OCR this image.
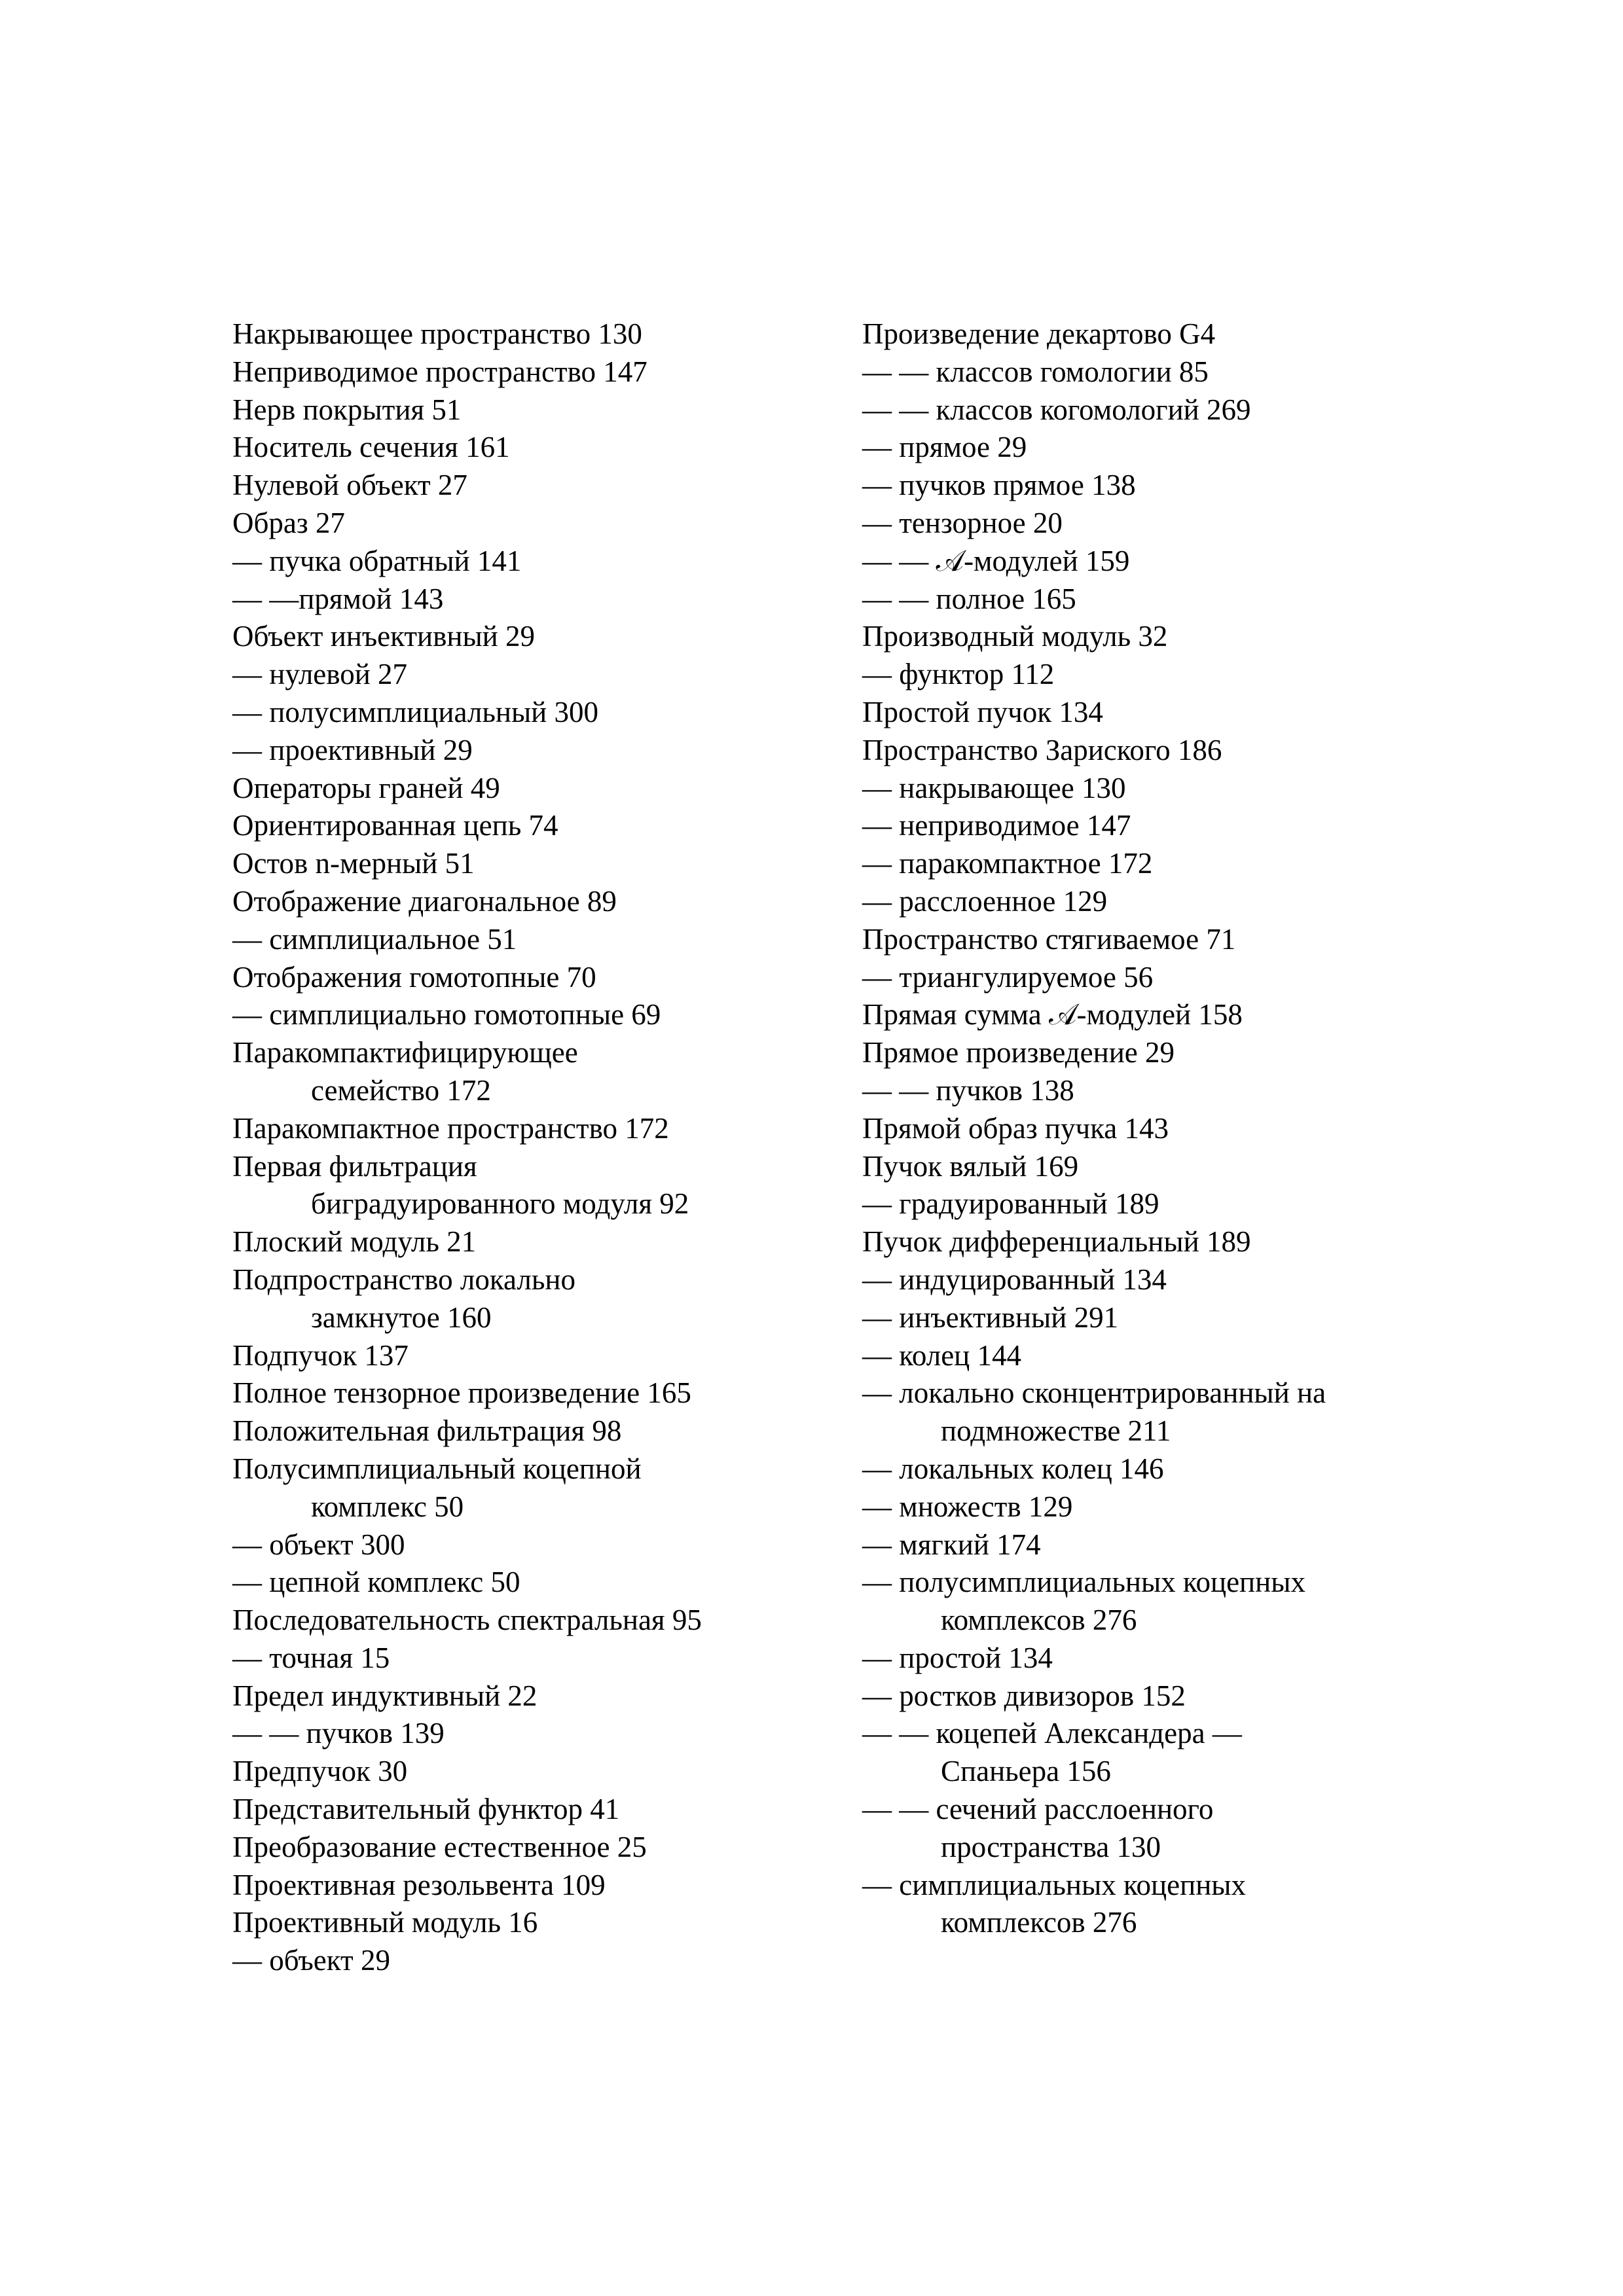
Накрывающее пространство 130
Неприводимое пространство 147
Нерв покрытия 51
Носитель сечения 161
Нулевой объект 27
Образ 27
— пучка обратный 141
— —прямой 143
Объект инъективный 29
— нулевой 27
— полусимплициальный 300
— проективный 29
Операторы граней 49
Ориентированная цепь 74
Остов n-мерный 51
Отображение диагональное 89
— симплициальное 51
Отображения гомотопные 70
— симплициально гомотопные 69
Паракомпактифицирующее
семейство 172
Паракомпактное пространство 172
Первая фильтрация
биградуированного модуля 92
Плоский модуль 21
Подпространство локально
замкнутое 160
Подпучок 137
Полное тензорное произведение 165
Положительная фильтрация 98
Полусимплициальный коцепной
комплекс 50
— объект 300
— цепной комплекс 50
Последовательность спектральная 95
— точная 15
Предел индуктивный 22
— — пучков 139
Предпучок 30
Представительный функтор 41
Преобразование естественное 25
Проективная резольвента 109
Проективный модуль 16
— объект 29
Произведение декартово G4
— — классов гомологии 85
— — классов когомологий 269
— прямое 29
— пучков прямое 138
— тензорное 20
— — 𝒜-модулей 159
— — полное 165
Производный модуль 32
— функтор 112
Простой пучок 134
Пространство Зариского 186
— накрывающее 130
— неприводимое 147
— паракомпактное 172
— расслоенное 129
Пространство стягиваемое 71
— триангулируемое 56
Прямая сумма 𝒜-модулей 158
Прямое произведение 29
— — пучков 138
Прямой образ пучка 143
Пучок вялый 169
— градуированный 189
Пучок дифференциальный 189
— индуцированный 134
— инъективный 291
— колец 144
— локально сконцентрированный на
подмножестве 211
— локальных колец 146
— множеств 129
— мягкий 174
— полусимплициальных коцепных
комплексов 276
— простой 134
— ростков дивизоров 152
— — коцепей Александера —
Спаньера 156
— — сечений расслоенного
пространства 130
— симплициальных коцепных
комплексов 276
